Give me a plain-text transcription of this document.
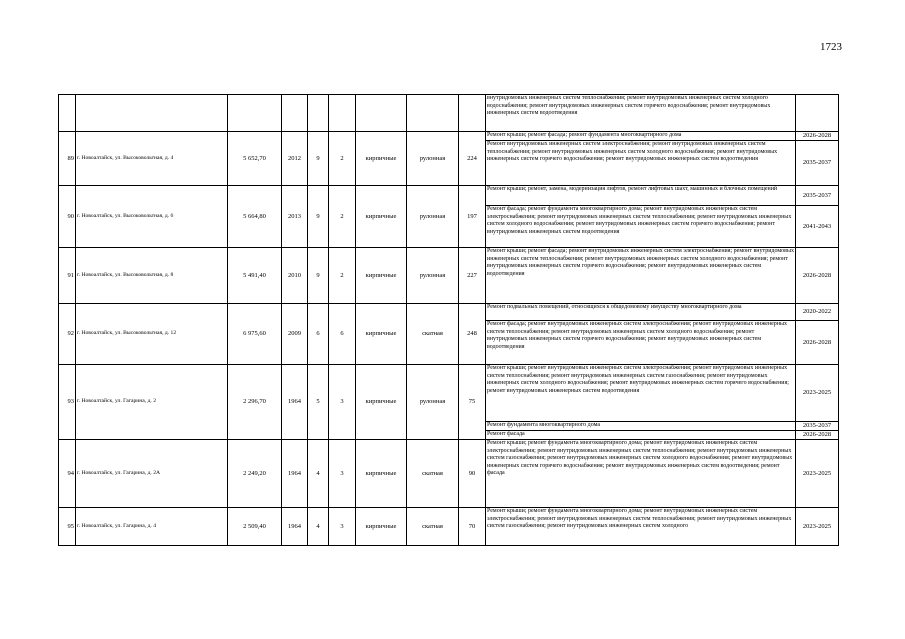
1723
									внутридомовых инженерных систем теплоснабжения; ремонт внутридомовых инженерных систем холодного водоснабжения; ремонт внутридомовых инженерных систем горячего водоснабжения; ремонт внутридомовых инженерных систем водоотведения	
89	г. Новоалтайск, ул. Высоковольтная, д. 4	5 652,70	2012	9	2	кирпичные	рулонная	224	Ремонт крыши; ремонт фасада; ремонт фундамента многоквартирного дома	2026-2028
									Ремонт внутридомовых инженерных систем электроснабжения; ремонт внутридомовых инженерных систем теплоснабжения; ремонт внутридомовых инженерных систем холодного водоснабжения; ремонт внутридомовых инженерных систем горячего водоснабжения; ремонт внутридомовых инженерных систем водоотведения	2035-2037
90	г. Новоалтайск, ул. Высоковольтная, д. 6	5 664,80	2013	9	2	кирпичные	рулонная	197	Ремонт крыши; ремонт, замена, модернизация лифтов, ремонт лифтовых шахт, машинных и блочных помещений	2035-2037
									Ремонт фасада; ремонт фундамента многоквартирного дома; ремонт внутридомовых инженерных систем электроснабжения; ремонт внутридомовых инженерных систем теплоснабжения; ремонт внутридомовых инженерных систем холодного водоснабжения; ремонт внутридомовых инженерных систем горячего водоснабжения; ремонт внутридомовых инженерных систем водоотведения	2041-2043
91	г. Новоалтайск, ул. Высоковольтная, д. 8	5 491,40	2010	9	2	кирпичные	рулонная	227	Ремонт крыши; ремонт фасада; ремонт внутридомовых инженерных систем электроснабжения; ремонт внутридомовых инженерных систем теплоснабжения; ремонт внутридомовых инженерных систем холодного водоснабжения; ремонт внутридомовых инженерных систем горячего водоснабжения; ремонт внутридомовых инженерных систем водоотведения	2026-2028
92	г. Новоалтайск, ул. Высоковольтная, д. 12	6 975,60	2009	6	6	кирпичные	скатная	248	Ремонт подвальных помещений, относящихся к общедомовому имуществу многоквартирного дома	2020-2022
									Ремонт фасада; ремонт внутридомовых инженерных систем электроснабжения; ремонт внутридомовых инженерных систем теплоснабжения; ремонт внутридомовых инженерных систем холодного водоснабжения; ремонт внутридомовых инженерных систем горячего водоснабжения; ремонт внутридомовых инженерных систем водоотведения	2026-2028
93	г. Новоалтайск, ул. Гагарина, д. 2	2 296,70	1964	5	3	кирпичные	рулонная	75	Ремонт крыши; ремонт внутридомовых инженерных систем электроснабжения; ремонт внутридомовых инженерных систем теплоснабжения; ремонт внутридомовых инженерных систем газоснабжения; ремонт внутридомовых инженерных систем холодного водоснабжения; ремонт внутридомовых инженерных систем горячего водоснабжения; ремонт внутридомовых инженерных систем водоотведения	2023-2025
									Ремонт фундамента многоквартирного дома	2035-2037
									Ремонт фасада	2026-2028
94	г. Новоалтайск, ул. Гагарина, д. 2А	2 249,20	1964	4	3	кирпичные	скатная	90	Ремонт крыши; ремонт фундамента многоквартирного дома; ремонт внутридомовых инженерных систем электроснабжения; ремонт внутридомовых инженерных систем теплоснабжения; ремонт внутридомовых инженерных систем газоснабжения; ремонт внутридомовых инженерных систем холодного водоснабжения; ремонт внутридомовых инженерных систем горячего водоснабжения; ремонт внутридомовых инженерных систем водоотведения; ремонт фасада	2023-2025
95	г. Новоалтайск, ул. Гагарина, д. 4	2 509,40	1964	4	3	кирпичные	скатная	70	Ремонт крыши; ремонт фундамента многоквартирного дома; ремонт внутридомовых инженерных систем электроснабжения; ремонт внутридомовых инженерных систем теплоснабжения; ремонт внутридомовых инженерных систем газоснабжения; ремонт внутридомовых инженерных систем холодного	2023-2025
